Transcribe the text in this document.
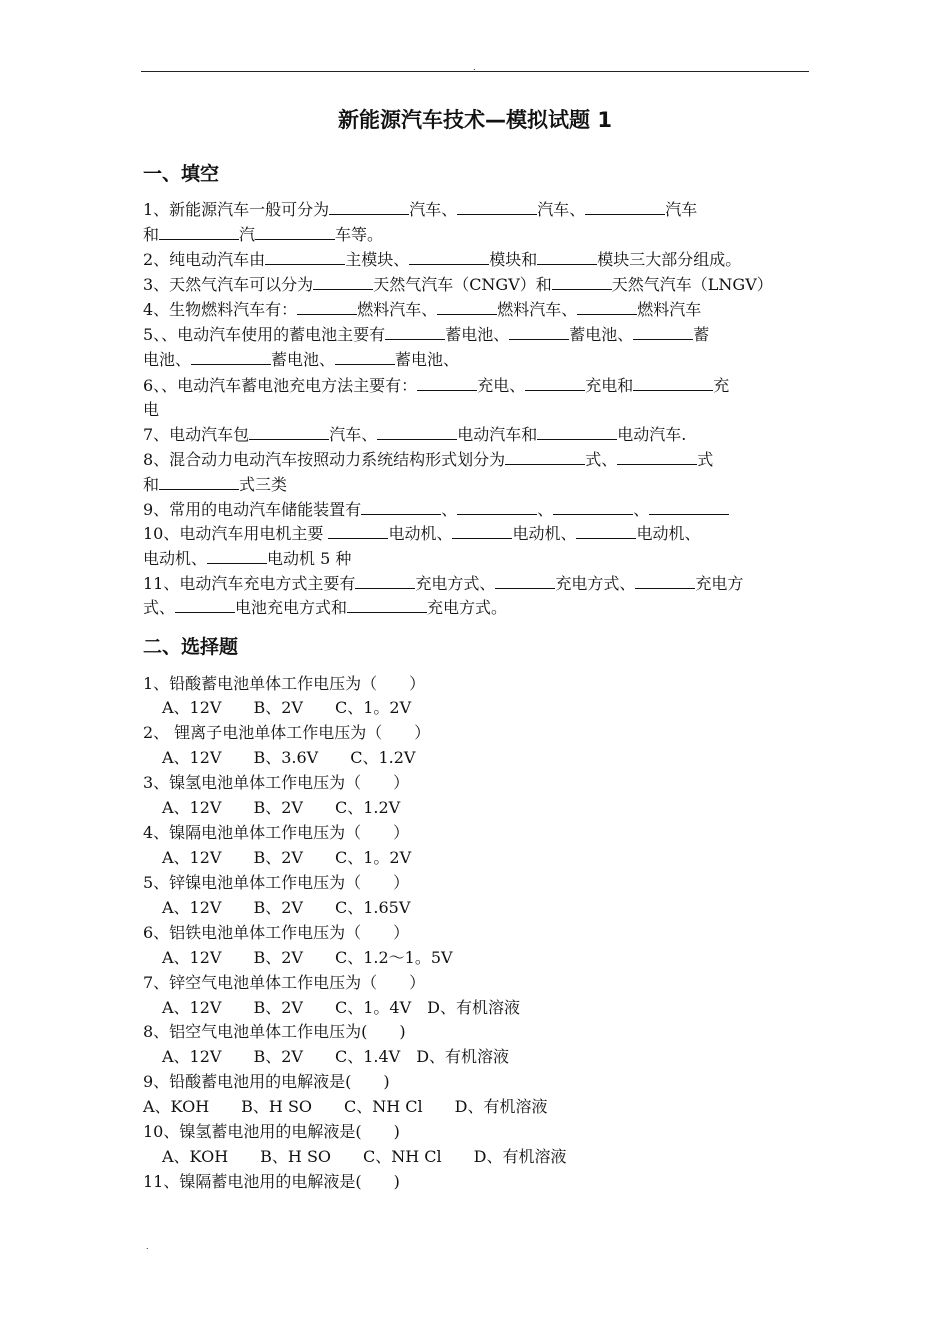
.
新能源汽车技术—模拟试题 1
一、填空
1、新能源汽车一般可分为	汽车、	汽车、	汽车
和	汽	车等。
2、纯电动汽车由	主模块、	模块和	模块三大部分组成。
3、天然气汽车可以分为	天然气汽车（CNGV）和	天然气汽车（LNGV）
4、生物燃料汽车有：	燃料汽车、	燃料汽车、	燃料汽车
5、、电动汽车使用的蓄电池主要有	蓄电池、	蓄电池、	蓄
电池、	蓄电池、	蓄电池、
6、、电动汽车蓄电池充电方法主要有：	充电、	充电和	充
电
7、电动汽车包	汽车、	电动汽车和	电动汽车.
8、混合动力电动汽车按照动力系统结构形式划分为	式、	式
和	式三类
9、常用的电动汽车储能装置有	、	、	、
10、电动汽车用电机主要	电动机、	电动机、	电动机、
电动机、	电动机 5 种
11、电动汽车充电方式主要有	充电方式、	充电方式、	充电方
式、	电池充电方式和	充电方式。
二、选择题
1、铅酸蓄电池单体工作电压为（　　）
A、12V　　B、2V　　C、1。2V
2、 锂离子电池单体工作电压为（　　）
A、12V　　B、3.6V　　C、1.2V
3、镍氢电池单体工作电压为（　　）
A、12V　　B、2V　　C、1.2V
4、镍隔电池单体工作电压为（　　）
A、12V　　B、2V　　C、1。2V
5、锌镍电池单体工作电压为（　　）
A、12V　　B、2V　　C、1.65V
6、铝铁电池单体工作电压为（　　）
A、12V　　B、2V　　C、1.2～1。5V
7、锌空气电池单体工作电压为（　　）
A、12V　　B、2V　　C、1。4V　D、有机溶液
8、铝空气电池单体工作电压为(　　)
A、12V　　B、2V　　C、1.4V　D、有机溶液
9、铅酸蓄电池用的电解液是(　　)
A、KOH　　B、H SO　　C、NH Cl　　D、有机溶液
10、镍氢蓄电池用的电解液是(　　)
A、KOH　　B、H SO　　C、NH Cl　　D、有机溶液
11、镍隔蓄电池用的电解液是(　　)
.
